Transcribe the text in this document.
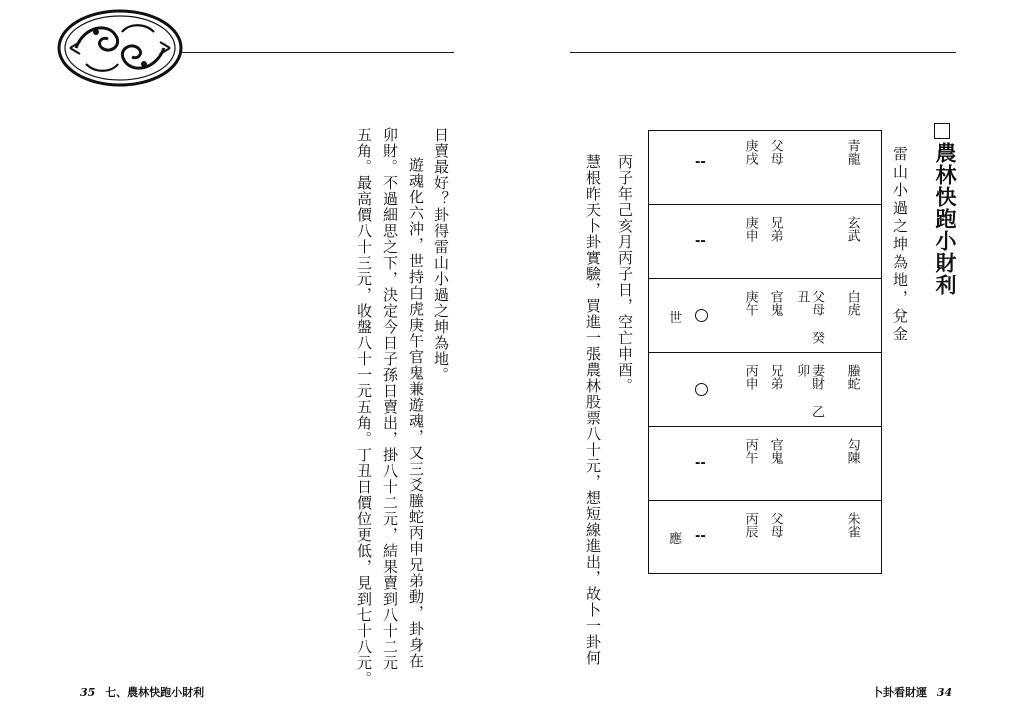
農林快跑小財利
雷山小過之坤為地，兌金
青龍
父母
庚戌
--
玄武
兄弟
庚申
--
白虎
父母 癸丑
官鬼
庚午
世
螣蛇
妻財 乙卯
兄弟
丙申
勾陳
官鬼
丙午
--
朱雀
父母
丙辰
--
應
丙子年己亥月丙子日，空亡申酉。
慧根昨天卜卦實驗，買進一張農林股票八十元，想短線進出，故卜一卦何
日賣最好？卦得雷山小過之坤為地。
遊魂化六沖，世持白虎庚午官鬼兼遊魂，又三爻螣蛇丙申兄弟動，卦身在
卯財。不過細思之下，決定今日子孫日賣出，掛八十二元，結果賣到八十二元
五角。最高價八十三元，收盤八十一元五角。丁丑日價位更低，見到七十八元。
35 七、農林快跑小財利	卜卦看財運 34
